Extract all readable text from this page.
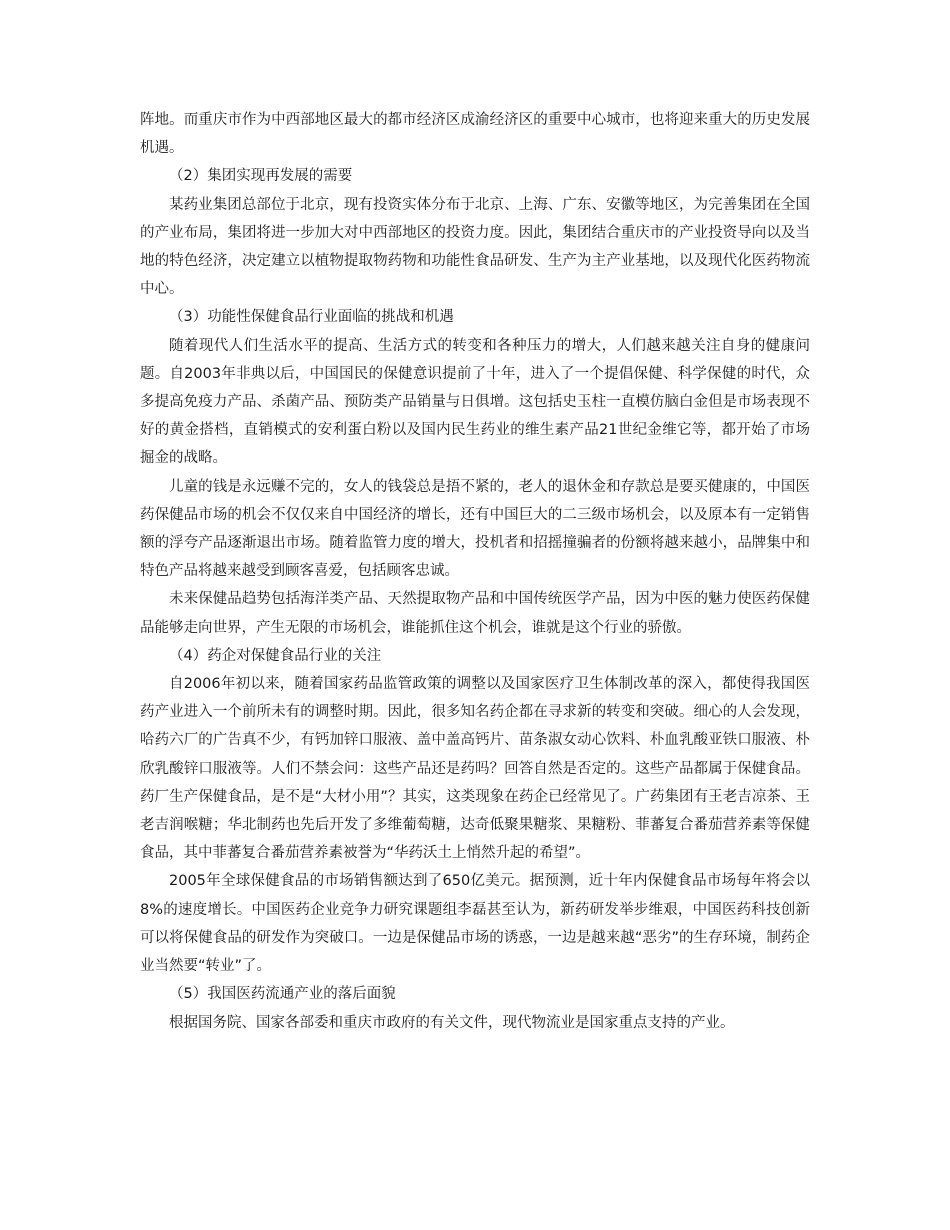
阵地。而重庆市作为中西部地区最大的都市经济区成渝经济区的重要中心城市，也将迎来重大的历史发展机遇。

（2）集团实现再发展的需要

某药业集团总部位于北京，现有投资实体分布于北京、上海、广东、安徽等地区，为完善集团在全国的产业布局，集团将进一步加大对中西部地区的投资力度。因此，集团结合重庆市的产业投资导向以及当地的特色经济，决定建立以植物提取物药物和功能性食品研发、生产为主产业基地，以及现代化医药物流中心。

（3）功能性保健食品行业面临的挑战和机遇

随着现代人们生活水平的提高、生活方式的转变和各种压力的增大，人们越来越关注自身的健康问题。自2003年非典以后，中国国民的保健意识提前了十年，进入了一个提倡保健、科学保健的时代，众多提高免疫力产品、杀菌产品、预防类产品销量与日俱增。这包括史玉柱一直模仿脑白金但是市场表现不好的黄金搭档，直销模式的安利蛋白粉以及国内民生药业的维生素产品21世纪金维它等，都开始了市场掘金的战略。

儿童的钱是永远赚不完的，女人的钱袋总是捂不紧的，老人的退休金和存款总是要买健康的，中国医药保健品市场的机会不仅仅来自中国经济的增长，还有中国巨大的二三级市场机会，以及原本有一定销售额的浮夸产品逐渐退出市场。随着监管力度的增大，投机者和招摇撞骗者的份额将越来越小，品牌集中和特色产品将越来越受到顾客喜爱，包括顾客忠诚。

未来保健品趋势包括海洋类产品、天然提取物产品和中国传统医学产品，因为中医的魅力使医药保健品能够走向世界，产生无限的市场机会，谁能抓住这个机会，谁就是这个行业的骄傲。

（4）药企对保健食品行业的关注

自2006年初以来，随着国家药品监管政策的调整以及国家医疗卫生体制改革的深入，都使得我国医药产业进入一个前所未有的调整时期。因此，很多知名药企都在寻求新的转变和突破。细心的人会发现，哈药六厂的广告真不少，有钙加锌口服液、盖中盖高钙片、苗条淑女动心饮料、朴血乳酸亚铁口服液、朴欣乳酸锌口服液等。人们不禁会问：这些产品还是药吗？回答自然是否定的。这些产品都属于保健食品。药厂生产保健食品，是不是“大材小用”？其实，这类现象在药企已经常见了。广药集团有王老吉凉茶、王老吉润喉糖；华北制药也先后开发了多维葡萄糖，达奇低聚果糖浆、果糖粉、菲蕃复合番茄营养素等保健食品，其中菲蕃复合番茄营养素被誉为“华药沃土上悄然升起的希望”。

2005年全球保健食品的市场销售额达到了650亿美元。据预测，近十年内保健食品市场每年将会以8%的速度增长。中国医药企业竞争力研究课题组李磊甚至认为，新药研发举步维艰，中国医药科技创新可以将保健食品的研发作为突破口。一边是保健品市场的诱惑，一边是越来越“恶劣”的生存环境，制药企业当然要“转业”了。

（5）我国医药流通产业的落后面貌

根据国务院、国家各部委和重庆市政府的有关文件，现代物流业是国家重点支持的产业。
